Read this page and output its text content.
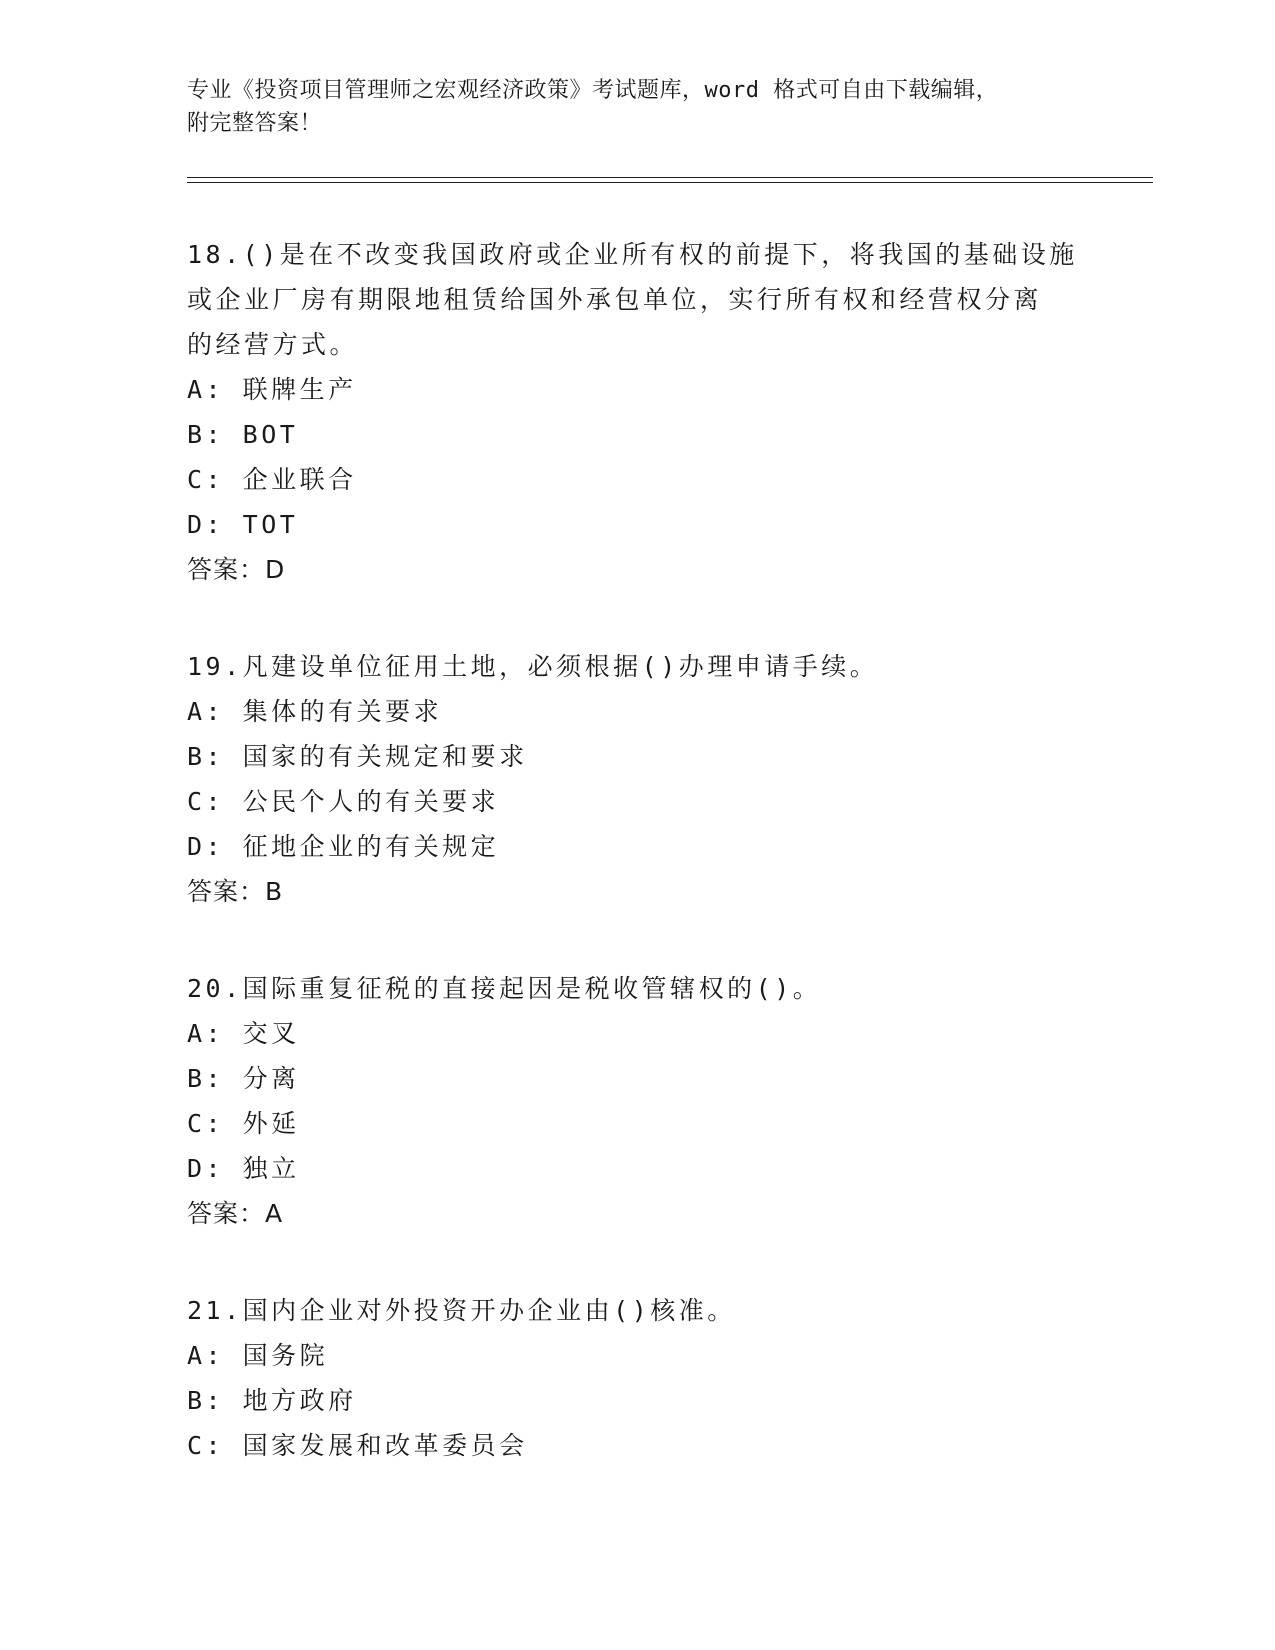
专业《投资项目管理师之宏观经济政策》考试题库，word 格式可自由下载编辑，
附完整答案！
18.()是在不改变我国政府或企业所有权的前提下，将我国的基础设施
或企业厂房有期限地租赁给国外承包单位，实行所有权和经营权分离
的经营方式。
A: 联牌生产
B: BOT
C: 企业联合
D: TOT
答案：D
19.凡建设单位征用土地，必须根据()办理申请手续。
A: 集体的有关要求
B: 国家的有关规定和要求
C: 公民个人的有关要求
D: 征地企业的有关规定
答案：B
20.国际重复征税的直接起因是税收管辖权的()。
A: 交叉
B: 分离
C: 外延
D: 独立
答案：A
21.国内企业对外投资开办企业由()核准。
A: 国务院
B: 地方政府
C: 国家发展和改革委员会
